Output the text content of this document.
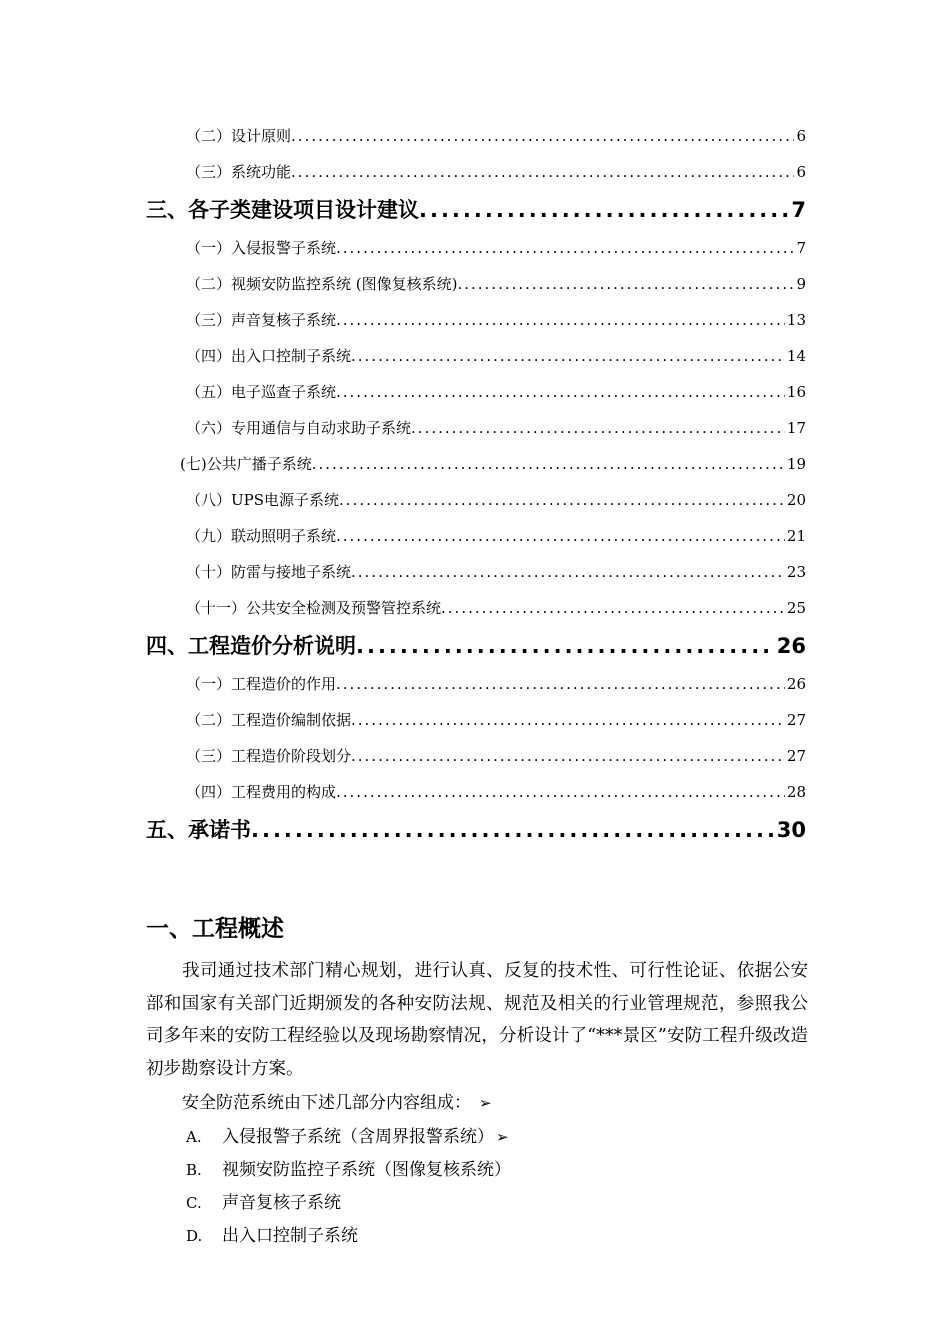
（二）设计原则 .....	6
（三）系统功能 .....	6
三、各子类建设项目设计建议 .....	7
（一）入侵报警子系统 .....	7
（二）视频安防监控系统 (图像复核系统) .....	9
（三）声音复核子系统 .....	13
（四）出入口控制子系统 .....	14
（五）电子巡查子系统 .....	16
（六）专用通信与自动求助子系统 .....	17
(七)公共广播子系统 .....	19
（八）UPS电源子系统 .....	20
（九）联动照明子系统 .....	21
（十）防雷与接地子系统 .....	23
（十一）公共安全检测及预警管控系统 .....	25
四、工程造价分析说明 .....	26
（一）工程造价的作用 .....	26
（二）工程造价编制依据 .....	27
（三）工程造价阶段划分 .....	27
（四）工程费用的构成 .....	28
五、承诺书 .....	30
一、工程概述

我司通过技术部门精心规划，进行认真、反复的技术性、可行性论证、依据公安部和国家有关部门近期颁发的各种安防法规、规范及相关的行业管理规范，参照我公司多年来的安防工程经验以及现场勘察情况，分析设计了“***景区”安防工程升级改造初步勘察设计方案。

安全防范系统由下述几部分内容组成： ➢
A.	入侵报警子系统（含周界报警系统） ➢
B.	视频安防监控子系统（图像复核系统）
C.	声音复核子系统
D.	出入口控制子系统
